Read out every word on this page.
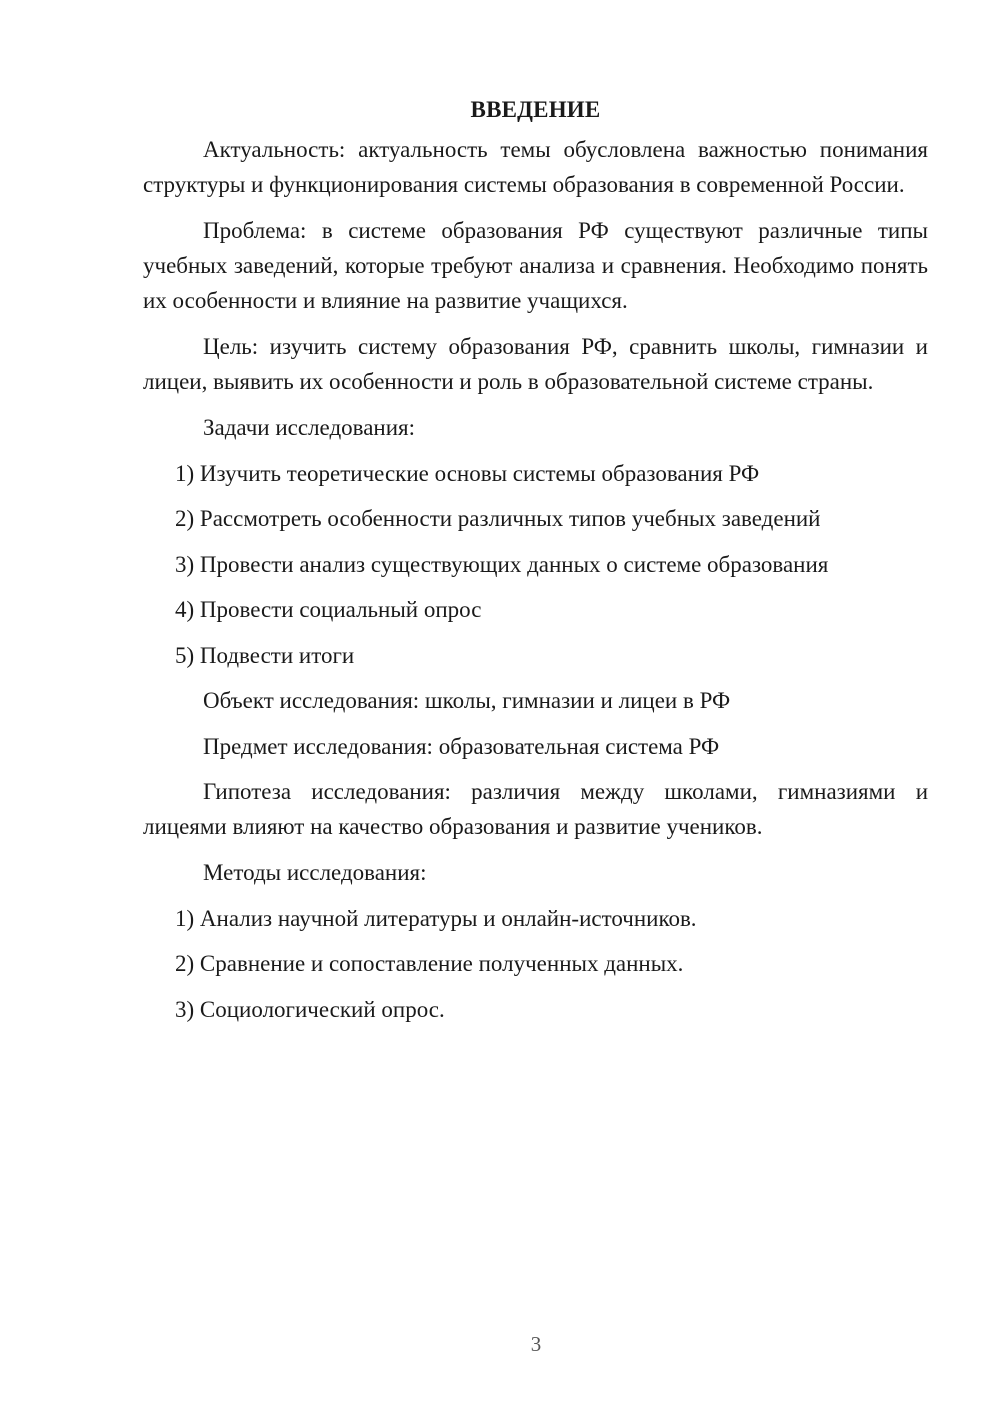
ВВЕДЕНИЕ

Актуальность: актуальность темы обусловлена важностью понимания структуры и функционирования системы образования в современной России.

Проблема: в системе образования РФ существуют различные типы учебных заведений, которые требуют анализа и сравнения. Необходимо понять их особенности и влияние на развитие учащихся.

Цель: изучить систему образования РФ, сравнить школы, гимназии и лицеи, выявить их особенности и роль в образовательной системе страны.

Задачи исследования:
1) Изучить теоретические основы системы образования РФ
2) Рассмотреть особенности различных типов учебных заведений
3) Провести анализ существующих данных о системе образования
4) Провести социальный опрос
5) Подвести итоги
Объект исследования: школы, гимназии и лицеи в РФ
Предмет исследования: образовательная система РФ

Гипотеза исследования: различия между школами, гимназиями и лицеями влияют на качество образования и развитие учеников.

Методы исследования:
1) Анализ научной литературы и онлайн-источников.
2) Сравнение и сопоставление полученных данных.
3) Социологический опрос.
3
